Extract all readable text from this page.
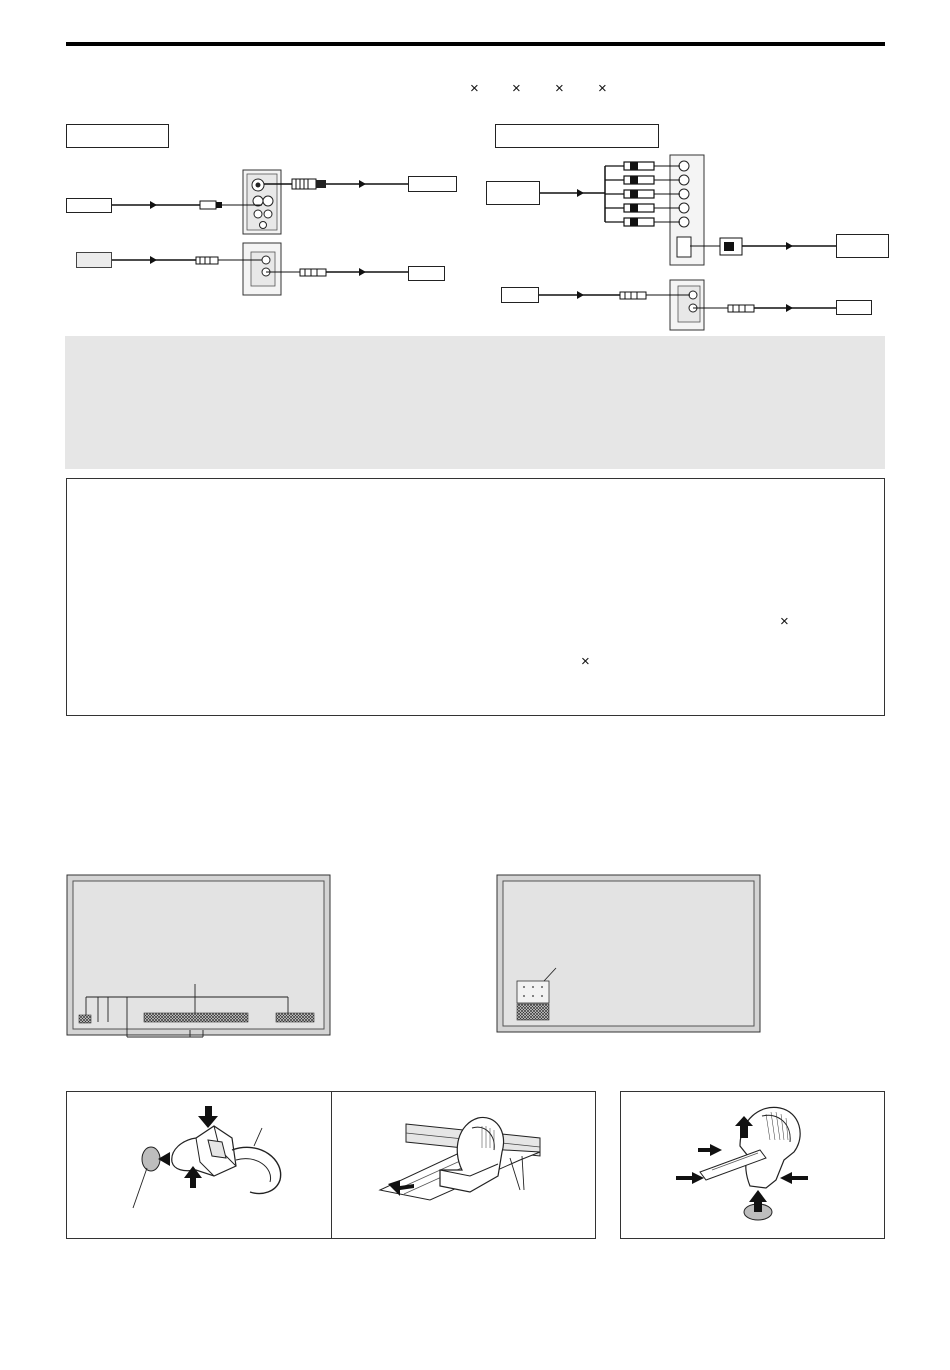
× × × ×
×
×
